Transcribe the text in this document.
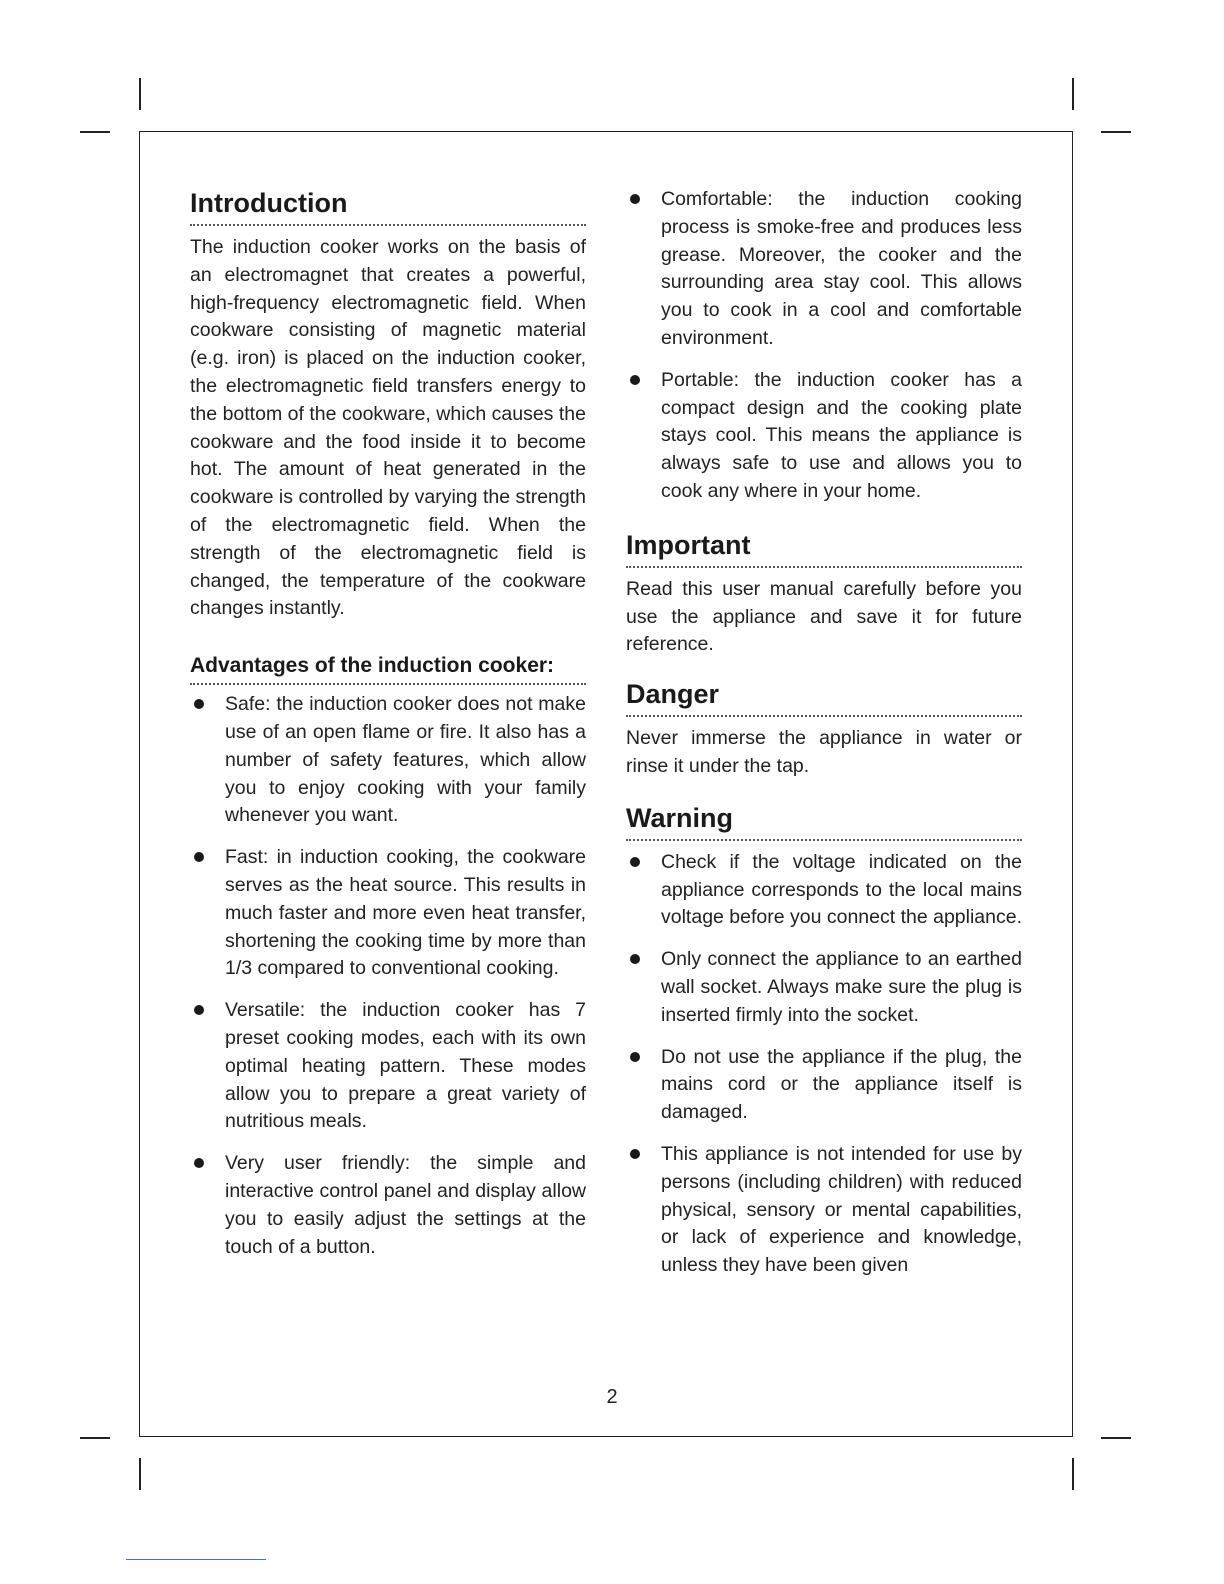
Introduction

The induction cooker works on the basis of an electromagnet that creates a powerful, high-frequency electromagnetic field. When cookware consisting of magnetic material (e.g. iron) is placed on the induction cooker, the electromagnetic field transfers energy to the bottom of the cookware, which causes the cookware and the food inside it to become hot. The amount of heat generated in the cookware is controlled by varying the strength of the electromagnetic field. When the strength of the electromagnetic field is changed, the temperature of the cookware changes instantly.

Advantages of the induction cooker:

Safe: the induction cooker does not make use of an open flame or fire. It also has a number of safety features, which allow you to enjoy cooking with your family whenever you want.

Fast: in induction cooking, the cookware serves as the heat source. This results in much faster and more even heat transfer, shortening the cooking time by more than 1/3 compared to conventional cooking.

Versatile: the induction cooker has 7 preset cooking modes, each with its own optimal heating pattern. These modes allow you to prepare a great variety of nutritious meals.

Very user friendly: the simple and interactive control panel and display allow you to easily adjust the settings at the touch of a button.

Comfortable: the induction cooking process is smoke-free and produces less grease. Moreover, the cooker and the surrounding area stay cool. This allows you to cook in a cool and comfortable environment.

Portable: the induction cooker has a compact design and the cooking plate stays cool. This means the appliance is always safe to use and allows you to cook any where in your home.

Important

Read this user manual carefully before you use the appliance and save it for future reference.

Danger

Never immerse the appliance in water or rinse it under the tap.

Warning

Check if the voltage indicated on the appliance corresponds to the local mains voltage before you connect the appliance.

Only connect the appliance to an earthed wall socket. Always make sure the plug is inserted firmly into the socket.

Do not use the appliance if the plug, the mains cord or the appliance itself is damaged.

This appliance is not intended for use by persons (including children) with reduced physical, sensory or mental capabilities, or lack of experience and knowledge, unless they have been given

2
